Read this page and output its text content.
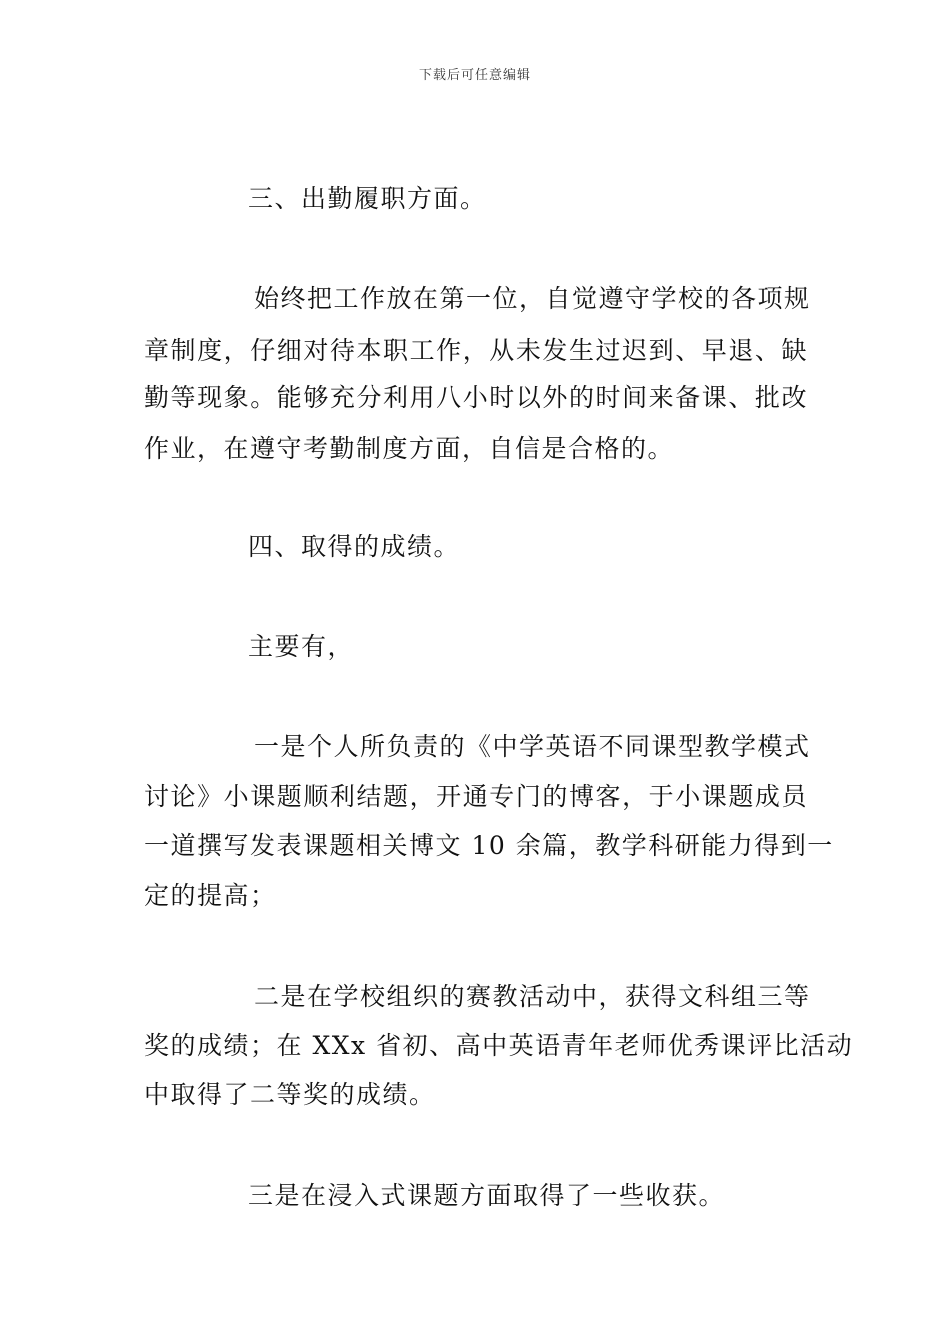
下载后可任意编辑
三、出勤履职方面。
始终把工作放在第一位，自觉遵守学校的各项规
章制度，仔细对待本职工作，从未发生过迟到、早退、缺
勤等现象。能够充分利用八小时以外的时间来备课、批改
作业，在遵守考勤制度方面，自信是合格的。
四、取得的成绩。
主要有，
一是个人所负责的《中学英语不同课型教学模式
讨论》小课题顺利结题，开通专门的博客，于小课题成员
一道撰写发表课题相关博文 10 余篇，教学科研能力得到一
定的提高；
二是在学校组织的赛教活动中，获得文科组三等
奖的成绩；在 XXx 省初、高中英语青年老师优秀课评比活动
中取得了二等奖的成绩。
三是在浸入式课题方面取得了一些收获。
